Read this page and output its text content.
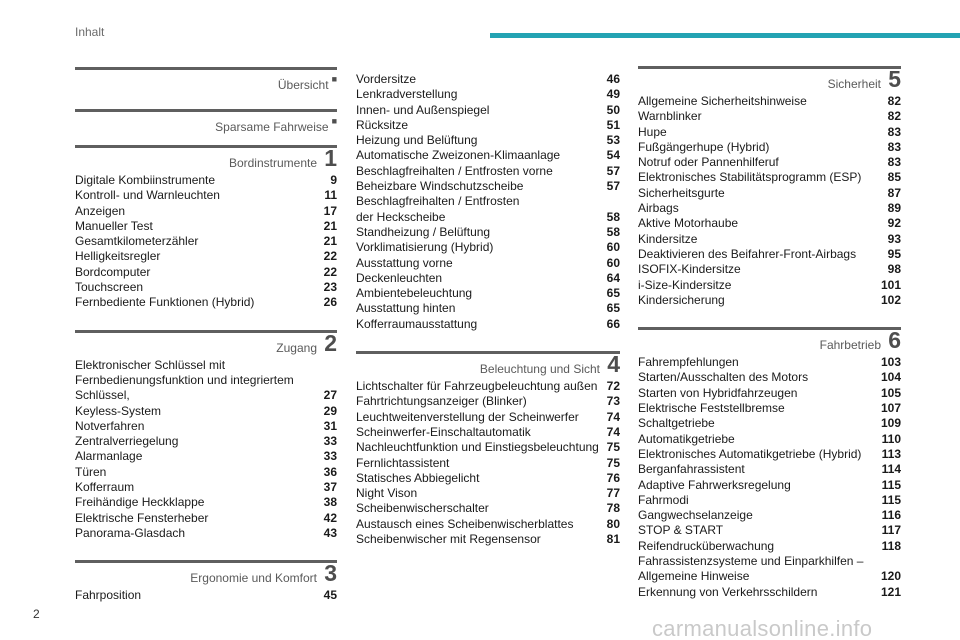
Inhalt
$_{Übersicht}$ ■
$_{Sparsame Fahrweise}$ ■
$_{Bordinstrumente}$ 1
Digitale Kombiinstrumente	9
Kontroll- und Warnleuchten	11
Anzeigen	17
Manueller Test	21
Gesamtkilometerzähler	21
Helligkeitsregler	22
Bordcomputer	22
Touchscreen	23
Fernbediente Funktionen (Hybrid)	26
$_{Zugang}$ 2
Elektronischer Schlüssel mit
Fernbedienungsfunktion und integriertem
Schlüssel,	27
Keyless-System	29
Notverfahren	31
Zentralverriegelung	33
Alarmanlage	33
Türen	36
Kofferraum	37
Freihändige Heckklappe	38
Elektrische Fensterheber	42
Panorama-Glasdach	43
$_{Ergonomie und Komfort}$ 3
Fahrposition	45
Vordersitze	46
Lenkradverstellung	49
Innen- und Außenspiegel	50
Rücksitze	51
Heizung und Belüftung	53
Automatische Zweizonen-Klimaanlage	54
Beschlagfreihalten / Entfrosten vorne	57
Beheizbare Windschutzscheibe	57
Beschlagfreihalten / Entfrosten
der Heckscheibe	58
Standheizung / Belüftung	58
Vorklimatisierung (Hybrid)	60
Ausstattung vorne	60
Deckenleuchten	64
Ambientebeleuchtung	65
Ausstattung hinten	65
Kofferraumausstattung	66
$_{Beleuchtung und Sicht}$ 4
Lichtschalter für Fahrzeugbeleuchtung außen 72
Fahrtrichtungsanzeiger (Blinker)	73
Leuchtweitenverstellung der Scheinwerfer	74
Scheinwerfer-Einschaltautomatik	74
Nachleuchtfunktion und Einstiegsbeleuchtung 75
Fernlichtassistent	75
Statisches Abbiegelicht	76
Night Vison	77
Scheibenwischerschalter	78
Austausch eines Scheibenwischerblattes	80
Scheibenwischer mit Regensensor	81
$_{Sicherheit}$ 5
Allgemeine Sicherheitshinweise	82
Warnblinker	82
Hupe	83
Fußgängerhupe (Hybrid)	83
Notruf oder Pannenhilferuf	83
Elektronisches Stabilitätsprogramm (ESP)	85
Sicherheitsgurte	87
Airbags	89
Aktive Motorhaube	92
Kindersitze	93
Deaktivieren des Beifahrer-Front-Airbags	95
ISOFIX-Kindersitze	98
i-Size-Kindersitze	101
Kindersicherung	102
$_{Fahrbetrieb}$ 6
Fahrempfehlungen	103
Starten/Ausschalten des Motors	104
Starten von Hybridfahrzeugen	105
Elektrische Feststellbremse	107
Schaltgetriebe	109
Automatikgetriebe	110
Elektronisches Automatikgetriebe (Hybrid)	113
Berganfahrassistent	114
Adaptive Fahrwerksregelung	115
Fahrmodi	115
Gangwechselanzeige	116
STOP & START	117
Reifendrucküberwachung	118
Fahrassistenzsysteme und Einparkhilfen –
Allgemeine Hinweise	120
Erkennung von Verkehrsschildern	121
2
carmanualsonline.info
